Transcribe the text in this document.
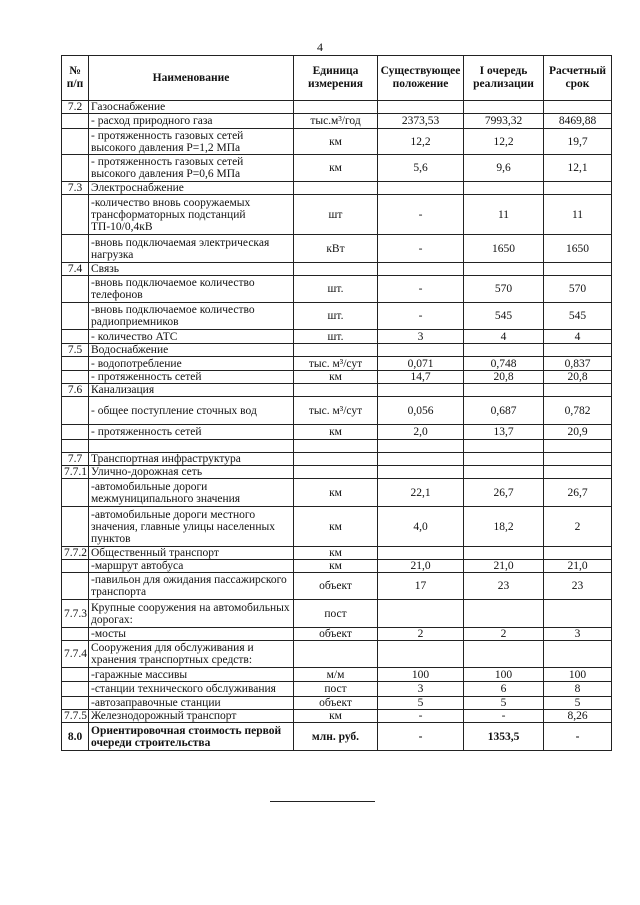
4
№ п/п	Наименование	Единица измерения	Существующее положение	I очередь реализации	Расчетный срок
7.2	Газоснабжение				
	- расход природного газа	тыс.м³/год	2373,53	7993,32	8469,88
	- протяженность газовых сетей высокого давления Р=1,2 МПа	км	12,2	12,2	19,7
	- протяженность газовых сетей высокого давления Р=0,6 МПа	км	5,6	9,6	12,1
7.3	Электроснабжение				
	-количество вновь сооружаемых трансформаторных подстанций ТП-10/0,4кВ	шт	-	11	11
	-вновь подключаемая электрическая нагрузка	кВт	-	1650	1650
7.4	Связь				
	-вновь подключаемое количество телефонов	шт.	-	570	570
	-вновь подключаемое количество радиоприемников	шт.	-	545	545
	- количество АТС	шт.	3	4	4
7.5	Водоснабжение				
	- водопотребление	тыс. м³/сут	0,071	0,748	0,837
	- протяженность сетей	км	14,7	20,8	20,8
7.6	Канализация				
	- общее поступление сточных вод	тыс. м³/сут	0,056	0,687	0,782
	- протяженность сетей	км	2,0	13,7	20,9

7.7	Транспортная инфраструктура				
7.7.1	Улично-дорожная сеть				
	-автомобильные дороги межмуниципального значения	км	22,1	26,7	26,7
	-автомобильные дороги местного значения, главные улицы населенных пунктов	км	4,0	18,2	2
7.7.2	Общественный транспорт	км			
	-маршрут автобуса	км	21,0	21,0	21,0
	-павильон для ожидания пассажирского транспорта	объект	17	23	23
7.7.3	Крупные сооружения на автомобильных дорогах:	пост			
	-мосты	объект	2	2	3
7.7.4	Сооружения для обслуживания и хранения транспортных средств:				
	-гаражные массивы	м/м	100	100	100
	-станции технического обслуживания	пост	3	6	8
	-автозаправочные станции	объект	5	5	5
7.7.5	Железнодорожный транспорт	км	-	-	8,26
8.0	Ориентировочная стоимость первой очереди строительства	млн. руб.	-	1353,5	-
